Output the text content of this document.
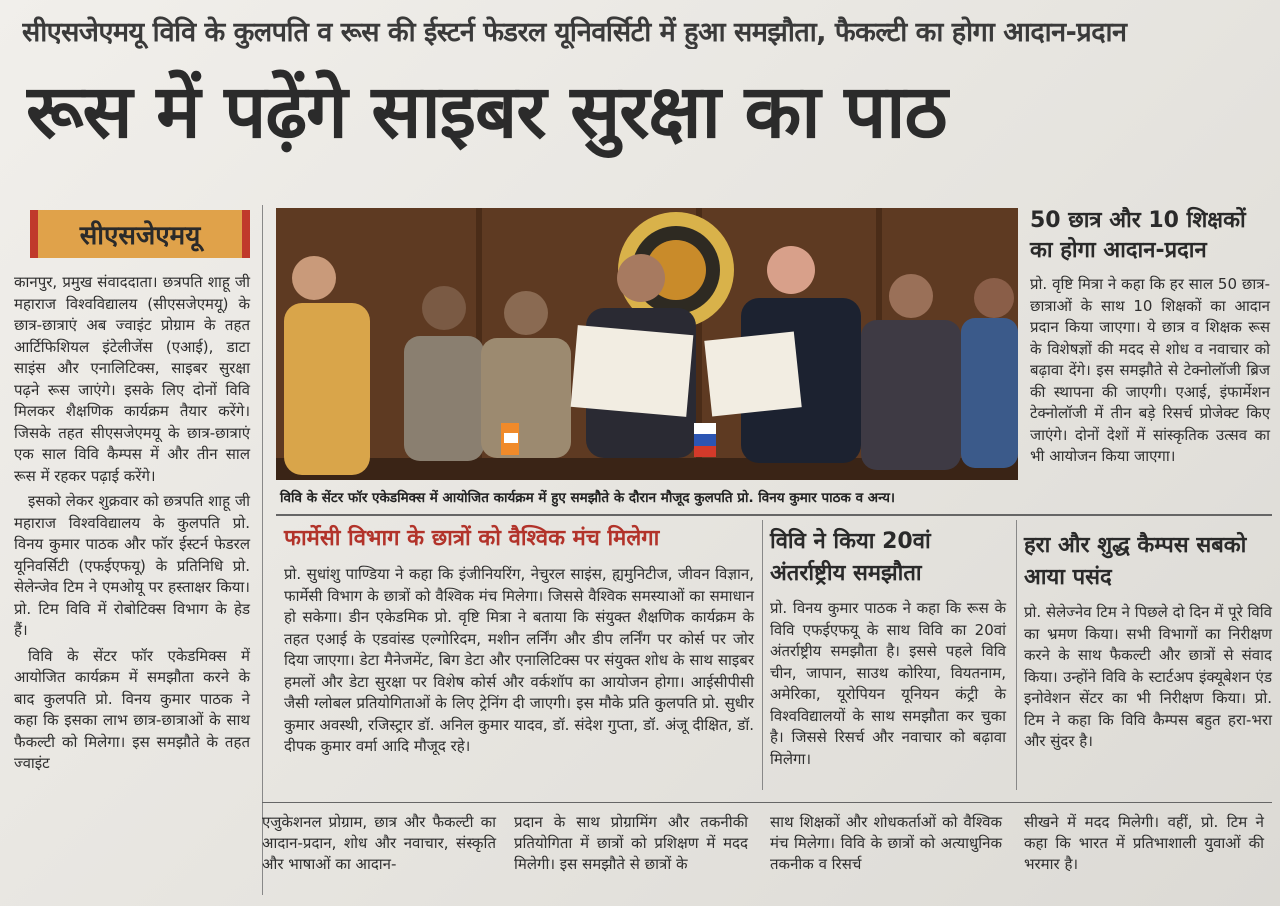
सीएसजेएमयू विवि के कुलपति व रूस की ईस्टर्न फेडरल यूनिवर्सिटी में हुआ समझौता, फैकल्टी का होगा आदान-प्रदान
रूस में पढ़ेंगे साइबर सुरक्षा का पाठ
सीएसजेएमयू

कानपुर, प्रमुख संवाददाता। छत्रपति शाहू जी महाराज विश्वविद्यालय (सीएसजेएमयू) के छात्र-छात्राएं अब ज्वाइंट प्रोग्राम के तहत आर्टिफिशियल इंटेलीजेंस (एआई), डाटा साइंस और एनालिटिक्स, साइबर सुरक्षा पढ़ने रूस जाएंगे। इसके लिए दोनों विवि मिलकर शैक्षणिक कार्यक्रम तैयार करेंगे। जिसके तहत सीएसजेएमयू के छात्र-छात्राएं एक साल विवि कैम्पस में और तीन साल रूस में रहकर पढ़ाई करेंगे।

इसको लेकर शुक्रवार को छत्रपति शाहू जी महाराज विश्वविद्यालय के कुलपति प्रो. विनय कुमार पाठक और फॉर ईस्टर्न फेडरल यूनिवर्सिटी (एफईएफयू) के प्रतिनिधि प्रो. सेलेन्जेव टिम ने एमओयू पर हस्ताक्षर किया। प्रो. टिम विवि में रोबोटिक्स विभाग के हेड हैं।

विवि के सेंटर फॉर एकेडमिक्स में आयोजित कार्यक्रम में समझौता करने के बाद कुलपति प्रो. विनय कुमार पाठक ने कहा कि इसका लाभ छात्र-छात्राओं के साथ फैकल्टी को मिलेगा। इस समझौते के तहत ज्वाइंट

विवि के सेंटर फॉर एकेडमिक्स में आयोजित कार्यक्रम में हुए समझौते के दौरान मौजूद कुलपति प्रो. विनय कुमार पाठक व अन्य।
50 छात्र और 10 शिक्षकों का होगा आदान-प्रदान
प्रो. वृष्टि मित्रा ने कहा कि हर साल 50 छात्र-छात्राओं के साथ 10 शिक्षकों का आदान प्रदान किया जाएगा। ये छात्र व शिक्षक रूस के विशेषज्ञों की मदद से शोध व नवाचार को बढ़ावा देंगे। इस समझौते से टेक्नोलॉजी ब्रिज की स्थापना की जाएगी। एआई, इंफार्मेशन टेक्नोलॉजी में तीन बड़े रिसर्च प्रोजेक्ट किए जाएंगे। दोनों देशों में सांस्कृतिक उत्सव का भी आयोजन किया जाएगा।
फार्मेसी विभाग के छात्रों को वैश्विक मंच मिलेगा
प्रो. सुधांशु पाण्डिया ने कहा कि इंजीनियरिंग, नेचुरल साइंस, ह्यमुनिटीज, जीवन विज्ञान, फार्मेसी विभाग के छात्रों को वैश्विक मंच मिलेगा। जिससे वैश्विक समस्याओं का समाधान हो सकेगा। डीन एकेडमिक प्रो. वृष्टि मित्रा ने बताया कि संयुक्त शैक्षणिक कार्यक्रम के तहत एआई के एडवांस्ड एल्गोरिदम, मशीन लर्निंग और डीप लर्निंग पर कोर्स पर जोर दिया जाएगा। डेटा मैनेजमेंट, बिग डेटा और एनालिटिक्स पर संयुक्त शोध के साथ साइबर हमलों और डेटा सुरक्षा पर विशेष कोर्स और वर्कशॉप का आयोजन होगा। आईसीपीसी जैसी ग्लोबल प्रतियोगिताओं के लिए ट्रेनिंग दी जाएगी। इस मौके प्रति कुलपति प्रो. सुधीर कुमार अवस्थी, रजिस्ट्रार डॉ. अनिल कुमार यादव, डॉ. संदेश गुप्ता, डॉ. अंजू दीक्षित, डॉ. दीपक कुमार वर्मा आदि मौजूद रहे।
विवि ने किया 20वां अंतर्राष्ट्रीय समझौता
प्रो. विनय कुमार पाठक ने कहा कि रूस के विवि एफईएफयू के साथ विवि का 20वां अंतर्राष्ट्रीय समझौता है। इससे पहले विवि चीन, जापान, साउथ कोरिया, वियतनाम, अमेरिका, यूरोपियन यूनियन कंट्री के विश्वविद्यालयों के साथ समझौता कर चुका है। जिससे रिसर्च और नवाचार को बढ़ावा मिलेगा।
हरा और शुद्ध कैम्पस सबको आया पसंद
प्रो. सेलेज्नेव टिम ने पिछले दो दिन में पूरे विवि का भ्रमण किया। सभी विभागों का निरीक्षण करने के साथ फैकल्टी और छात्रों से संवाद किया। उन्होंने विवि के स्टार्टअप इंक्यूबेशन एंड इनोवेशन सेंटर का भी निरीक्षण किया। प्रो. टिम ने कहा कि विवि कैम्पस बहुत हरा-भरा और सुंदर है।
एजुकेशनल प्रोग्राम, छात्र और फैकल्टी का आदान-प्रदान, शोध और नवाचार, संस्कृति और भाषाओं का आदान-
प्रदान के साथ प्रोग्रामिंग और तकनीकी प्रतियोगिता में छात्रों को प्रशिक्षण में मदद मिलेगी। इस समझौते से छात्रों के
साथ शिक्षकों और शोधकर्ताओं को वैश्विक मंच मिलेगा। विवि के छात्रों को अत्याधुनिक तकनीक व रिसर्च
सीखने में मदद मिलेगी। वहीं, प्रो. टिम ने कहा कि भारत में प्रतिभाशाली युवाओं की भरमार है।
